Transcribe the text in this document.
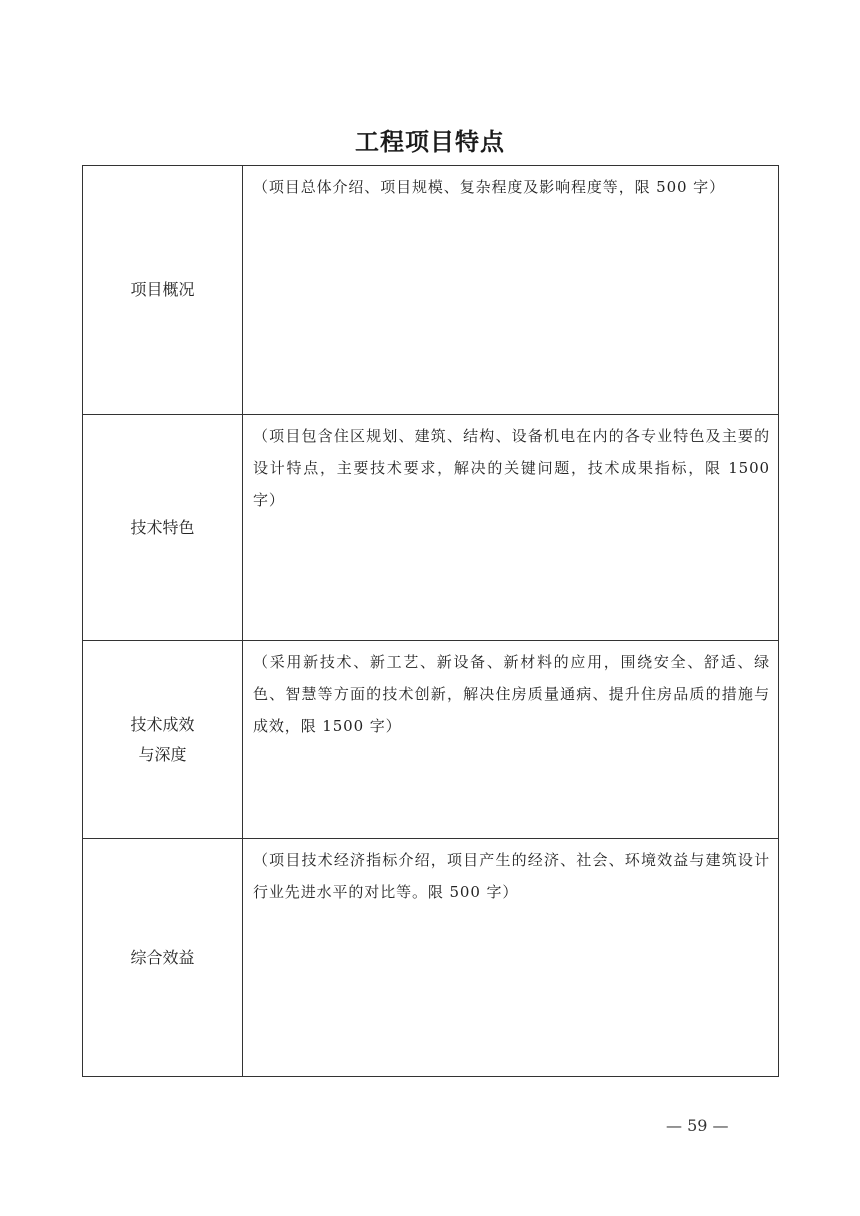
工程项目特点
项目概况	（项目总体介绍、项目规模、复杂程度及影响程度等，限 500 字）

技术特色	（项目包含住区规划、建筑、结构、设备机电在内的各专业特色及主要的设计特点，主要技术要求，解决的关键问题，技术成果指标，限 1500 字）

技术成效
与深度	（采用新技术、新工艺、新设备、新材料的应用，围绕安全、舒适、绿色、智慧等方面的技术创新，解决住房质量通病、提升住房品质的措施与成效，限 1500 字）

综合效益	（项目技术经济指标介绍，项目产生的经济、社会、环境效益与建筑设计行业先进水平的对比等。限 500 字）
— 59 —
